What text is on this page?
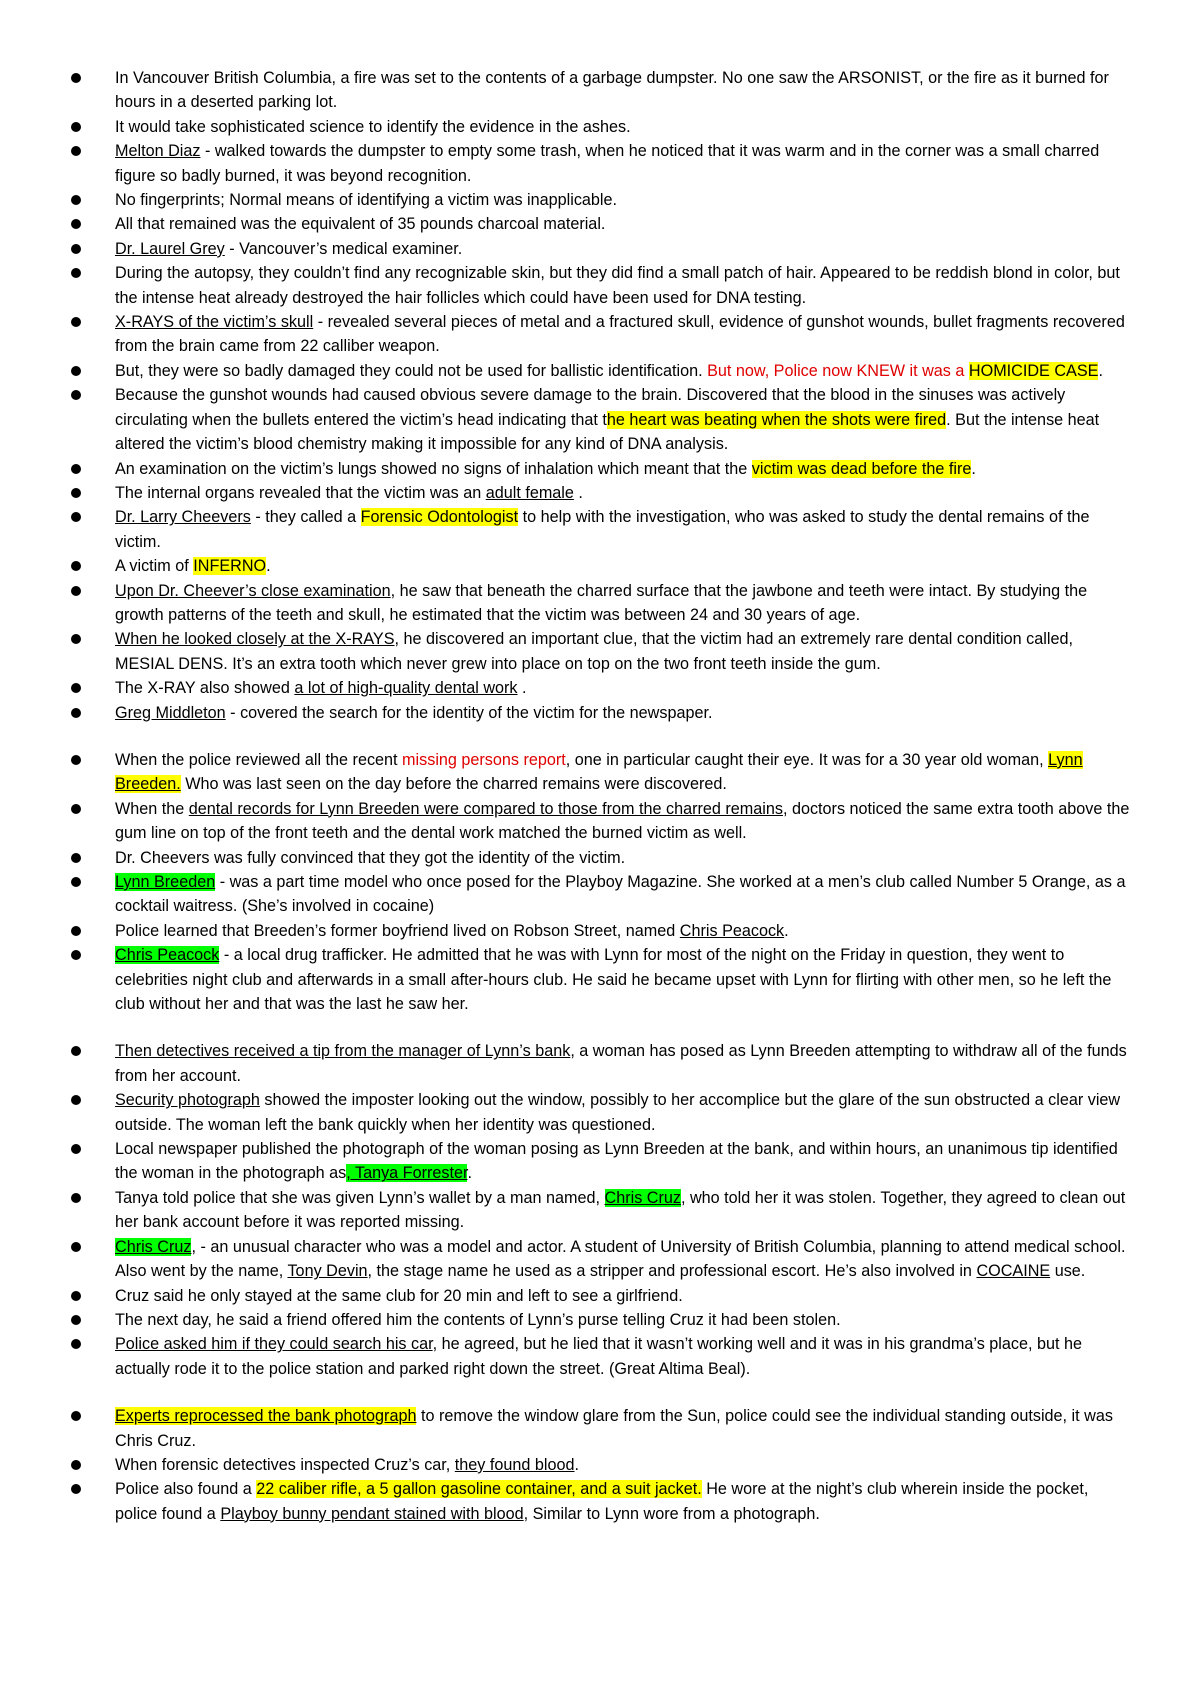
In Vancouver British Columbia, a fire was set to the contents of a garbage dumpster. No one saw the ARSONIST, or the fire as it burned for hours in a deserted parking lot.
It would take sophisticated science to identify the evidence in the ashes.
Melton Diaz - walked towards the dumpster to empty some trash, when he noticed that it was warm and in the corner was a small charred figure so badly burned, it was beyond recognition.
No fingerprints; Normal means of identifying a victim was inapplicable.
All that remained was the equivalent of 35 pounds charcoal material.
Dr. Laurel Grey - Vancouver’s medical examiner.
During the autopsy, they couldn’t find any recognizable skin, but they did find a small patch of hair. Appeared to be reddish blond in color, but the intense heat already destroyed the hair follicles which could have been used for DNA testing.
X-RAYS of the victim’s skull - revealed several pieces of metal and a fractured skull, evidence of gunshot wounds, bullet fragments recovered from the brain came from 22 calliber weapon.
But, they were so badly damaged they could not be used for ballistic identification. But now, Police now KNEW it was a HOMICIDE CASE.
Because the gunshot wounds had caused obvious severe damage to the brain. Discovered that the blood in the sinuses was actively circulating when the bullets entered the victim’s head indicating that the heart was beating when the shots were fired. But the intense heat altered the victim’s blood chemistry making it impossible for any kind of DNA analysis.
An examination on the victim’s lungs showed no signs of inhalation which meant that the victim was dead before the fire.
The internal organs revealed that the victim was an adult female .
Dr. Larry Cheevers - they called a Forensic Odontologist to help with the investigation, who was asked to study the dental remains of the victim.
A victim of INFERNO.
Upon Dr. Cheever’s close examination, he saw that beneath the charred surface that the jawbone and teeth were intact. By studying the growth patterns of the teeth and skull, he estimated that the victim was between 24 and 30 years of age.
When he looked closely at the X-RAYS, he discovered an important clue, that the victim had an extremely rare dental condition called, MESIAL DENS. It’s an extra tooth which never grew into place on top on the two front teeth inside the gum.
The X-RAY also showed a lot of high-quality dental work .
Greg Middleton - covered the search for the identity of the victim for the newspaper.
When the police reviewed all the recent missing persons report, one in particular caught their eye. It was for a 30 year old woman, Lynn Breeden. Who was last seen on the day before the charred remains were discovered.
When the dental records for Lynn Breeden were compared to those from the charred remains, doctors noticed the same extra tooth above the gum line on top of the front teeth and the dental work matched the burned victim as well.
Dr. Cheevers was fully convinced that they got the identity of the victim.
Lynn Breeden - was a part time model who once posed for the Playboy Magazine. She worked at a men’s club called Number 5 Orange, as a cocktail waitress. (She’s involved in cocaine)
Police learned that Breeden’s former boyfriend lived on Robson Street, named Chris Peacock.
Chris Peacock - a local drug trafficker. He admitted that he was with Lynn for most of the night on the Friday in question, they went to celebrities night club and afterwards in a small after-hours club. He said he became upset with Lynn for flirting with other men, so he left the club without her and that was the last he saw her.
Then detectives received a tip from the manager of Lynn’s bank, a woman has posed as Lynn Breeden attempting to withdraw all of the funds from her account.
Security photograph showed the imposter looking out the window, possibly to her accomplice but the glare of the sun obstructed a clear view outside. The woman left the bank quickly when her identity was questioned.
Local newspaper published the photograph of the woman posing as Lynn Breeden at the bank, and within hours, an unanimous tip identified the woman in the photograph as, Tanya Forrester.
Tanya told police that she was given Lynn’s wallet by a man named, Chris Cruz, who told her it was stolen. Together, they agreed to clean out her bank account before it was reported missing.
Chris Cruz, - an unusual character who was a model and actor. A student of University of British Columbia, planning to attend medical school. Also went by the name, Tony Devin, the stage name he used as a stripper and professional escort. He’s also involved in COCAINE use.
Cruz said he only stayed at the same club for 20 min and left to see a girlfriend.
The next day, he said a friend offered him the contents of Lynn’s purse telling Cruz it had been stolen.
Police asked him if they could search his car, he agreed, but he lied that it wasn’t working well and it was in his grandma’s place, but he actually rode it to the police station and parked right down the street. (Great Altima Beal).
Experts reprocessed the bank photograph to remove the window glare from the Sun, police could see the individual standing outside, it was Chris Cruz.
When forensic detectives inspected Cruz’s car, they found blood.
Police also found a 22 caliber rifle, a 5 gallon gasoline container, and a suit jacket. He wore at the night’s club wherein inside the pocket, police found a Playboy bunny pendant stained with blood, Similar to Lynn wore from a photograph.
